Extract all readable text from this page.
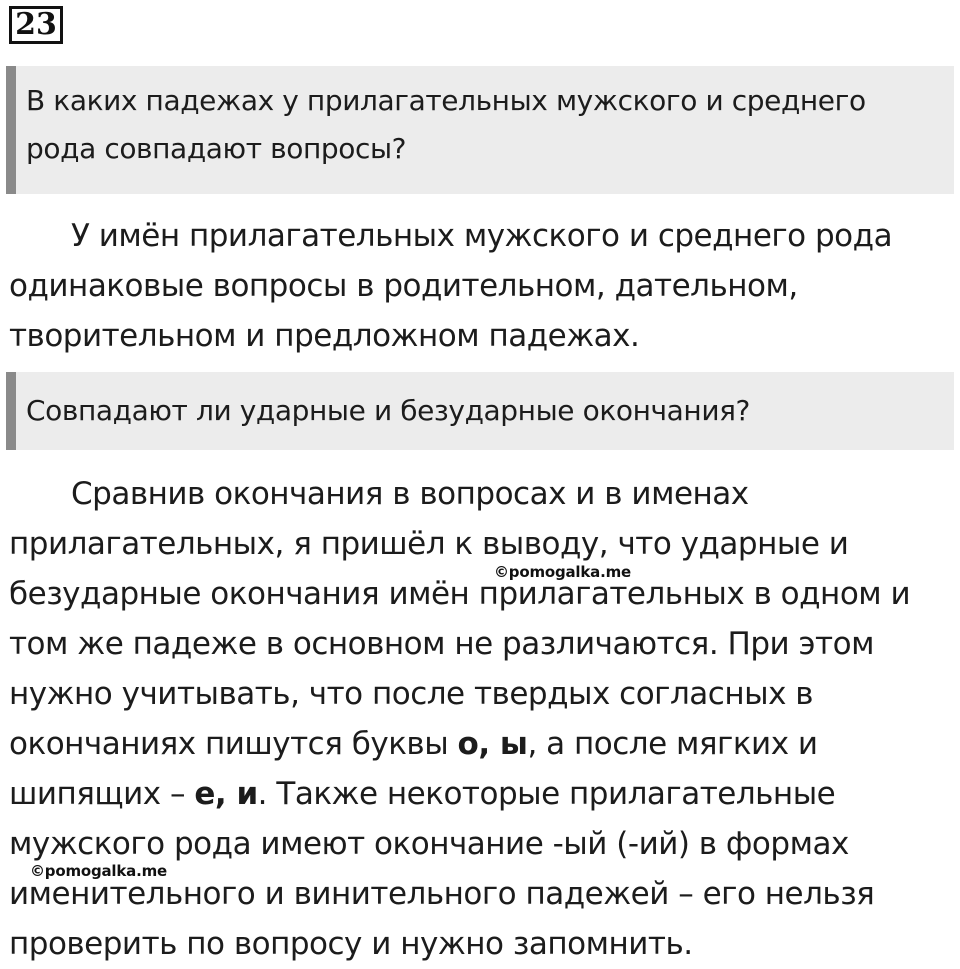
23
В каких падежах у прилагательных мужского и среднего
рода совпадают вопросы?
У имён прилагательных мужского и среднего рода
одинаковые вопросы в родительном, дательном,
творительном и предложном падежах.
Совпадают ли ударные и безударные окончания?
Сравнив окончания в вопросах и в именах
прилагательных, я пришёл к выводу, что ударные и
безударные окончания имён прилагательных в одном и
том же падеже в основном не различаются. При этом
нужно учитывать, что после твердых согласных в
окончаниях пишутся буквы о, ы, а после мягких и
шипящих – е, и. Также некоторые прилагательные
мужского рода имеют окончание -ый (-ий) в формах
именительного и винительного падежей – его нельзя
проверить по вопросу и нужно запомнить.
©pomogalka.me
©pomogalka.me
